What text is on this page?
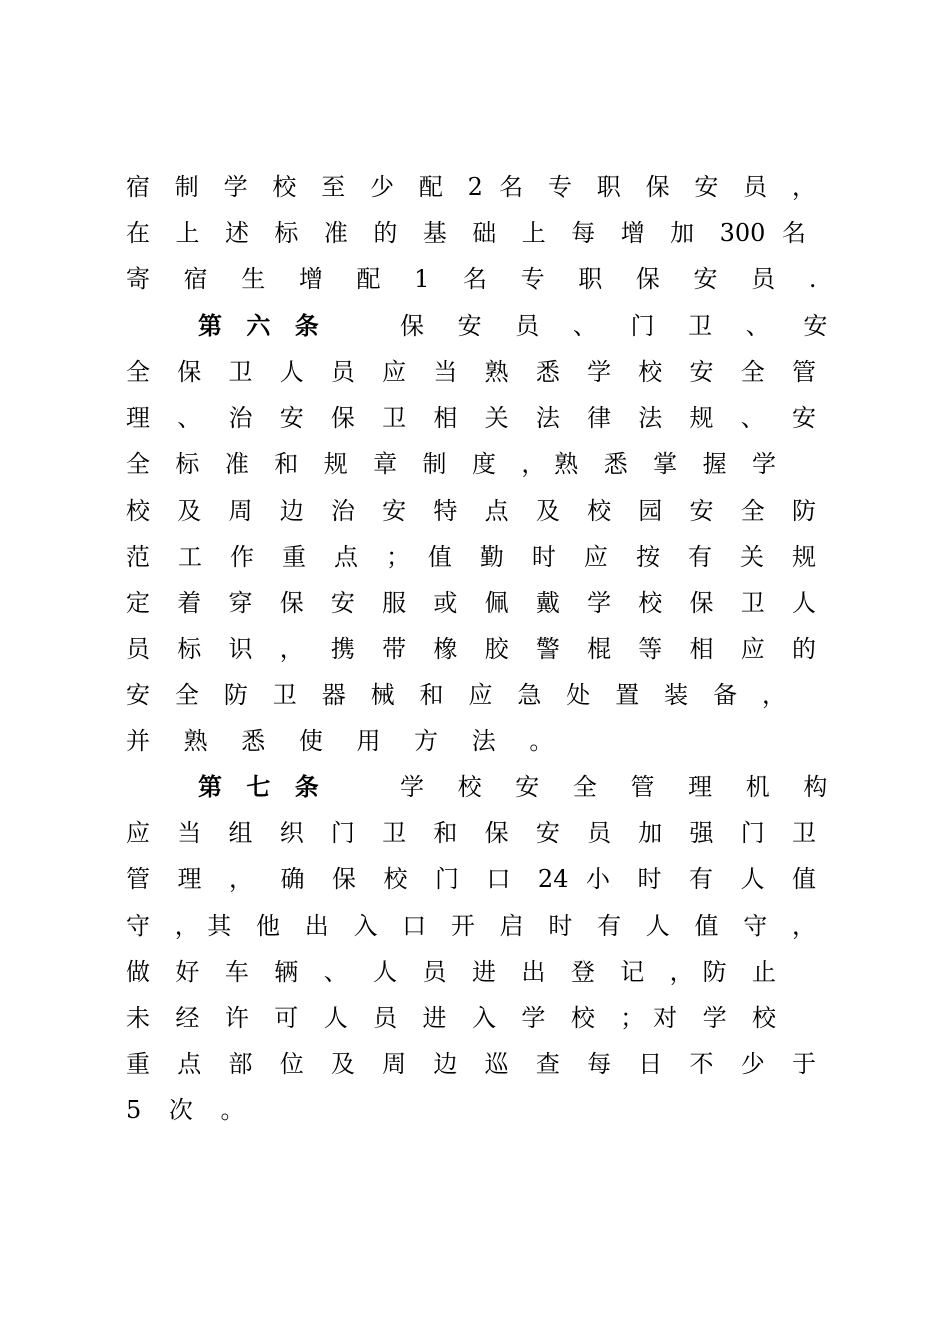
宿 制 学 校 至 少 配 2 名 专 职 保 安 员 ，
在 上 述 标 准 的 基 础 上 每 增 加 300 名
寄 宿 生 增 配 1 名 专 职 保 安 员 .
第 六 条	保 安 员 、 门 卫 、 安
全 保 卫 人 员 应 当 熟 悉 学 校 安 全 管
理 、 治 安 保 卫 相 关 法 律 法 规 、 安
全 标 准 和 规 章 制 度 ，熟 悉 掌 握 学
校 及 周 边 治 安 特 点 及 校 园 安 全 防
范 工 作 重 点 ； 值 勤 时 应 按 有 关 规
定 着 穿 保 安 服 或 佩 戴 学 校 保 卫 人
员 标 识 ， 携 带 橡 胶 警 棍 等 相 应 的
安 全 防 卫 器 械 和 应 急 处 置 装 备 ，
并 熟 悉 使 用 方 法 。
第 七 条	学 校 安 全 管 理 机 构
应 当 组 织 门 卫 和 保 安 员 加 强 门 卫
管 理 ， 确 保 校 门 口 24 小 时 有 人 值
守 ，其 他 出 入 口 开 启 时 有 人 值 守 ，
做 好 车 辆 、 人 员 进 出 登 记 ，防 止
未 经 许 可 人 员 进 入 学 校 ；对 学 校
重 点 部 位 及 周 边 巡 查 每 日 不 少 于
5 次 。
